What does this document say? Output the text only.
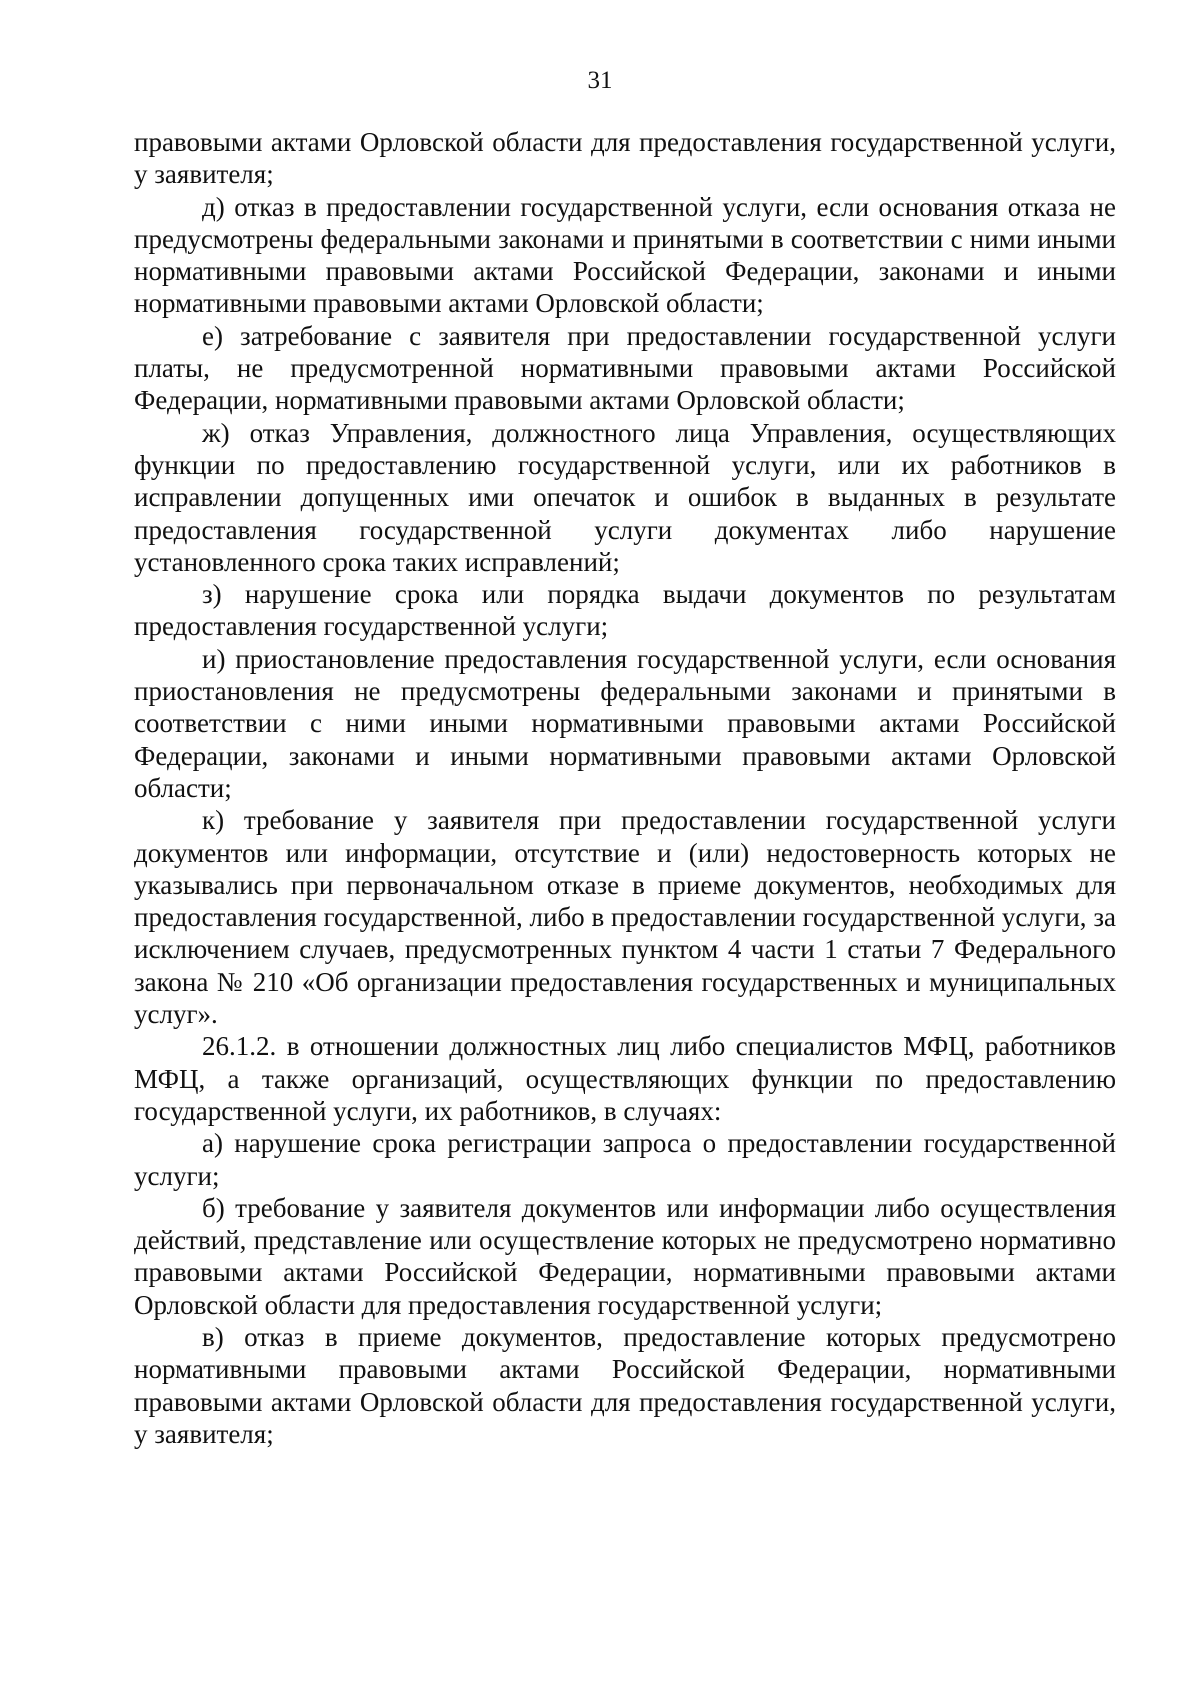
31

правовыми актами Орловской области для предоставления государственной услуги, у заявителя;

д) отказ в предоставлении государственной услуги, если основания отказа не предусмотрены федеральными законами и принятыми в соответствии с ними иными нормативными правовыми актами Российской Федерации, законами и иными нормативными правовыми актами Орловской области;

е) затребование с заявителя при предоставлении государственной услуги платы, не предусмотренной нормативными правовыми актами Российской Федерации, нормативными правовыми актами Орловской области;

ж) отказ Управления, должностного лица Управления, осуществляющих функции по предоставлению государственной услуги, или их работников в исправлении допущенных ими опечаток и ошибок в выданных в результате предоставления государственной услуги документах либо нарушение установленного срока таких исправлений;

з) нарушение срока или порядка выдачи документов по результатам предоставления государственной услуги;

и) приостановление предоставления государственной услуги, если основания приостановления не предусмотрены федеральными законами и принятыми в соответствии с ними иными нормативными правовыми актами Российской Федерации, законами и иными нормативными правовыми актами Орловской области;

к) требование у заявителя при предоставлении государственной услуги документов или информации, отсутствие и (или) недостоверность которых не указывались при первоначальном отказе в приеме документов, необходимых для предоставления государственной, либо в предоставлении государственной услуги, за исключением случаев, предусмотренных пунктом 4 части 1 статьи 7 Федерального закона № 210 «Об организации предоставления государственных и муниципальных услуг».

26.1.2. в отношении должностных лиц либо специалистов МФЦ, работников МФЦ, а также организаций, осуществляющих функции по предоставлению государственной услуги, их работников, в случаях:

а) нарушение срока регистрации запроса о предоставлении государственной услуги;

б) требование у заявителя документов или информации либо осуществления действий, представление или осуществление которых не предусмотрено нормативно правовыми актами Российской Федерации, нормативными правовыми актами Орловской области для предоставления государственной услуги;

в) отказ в приеме документов, предоставление которых предусмотрено нормативными правовыми актами Российской Федерации, нормативными правовыми актами Орловской области для предоставления государственной услуги, у заявителя;
